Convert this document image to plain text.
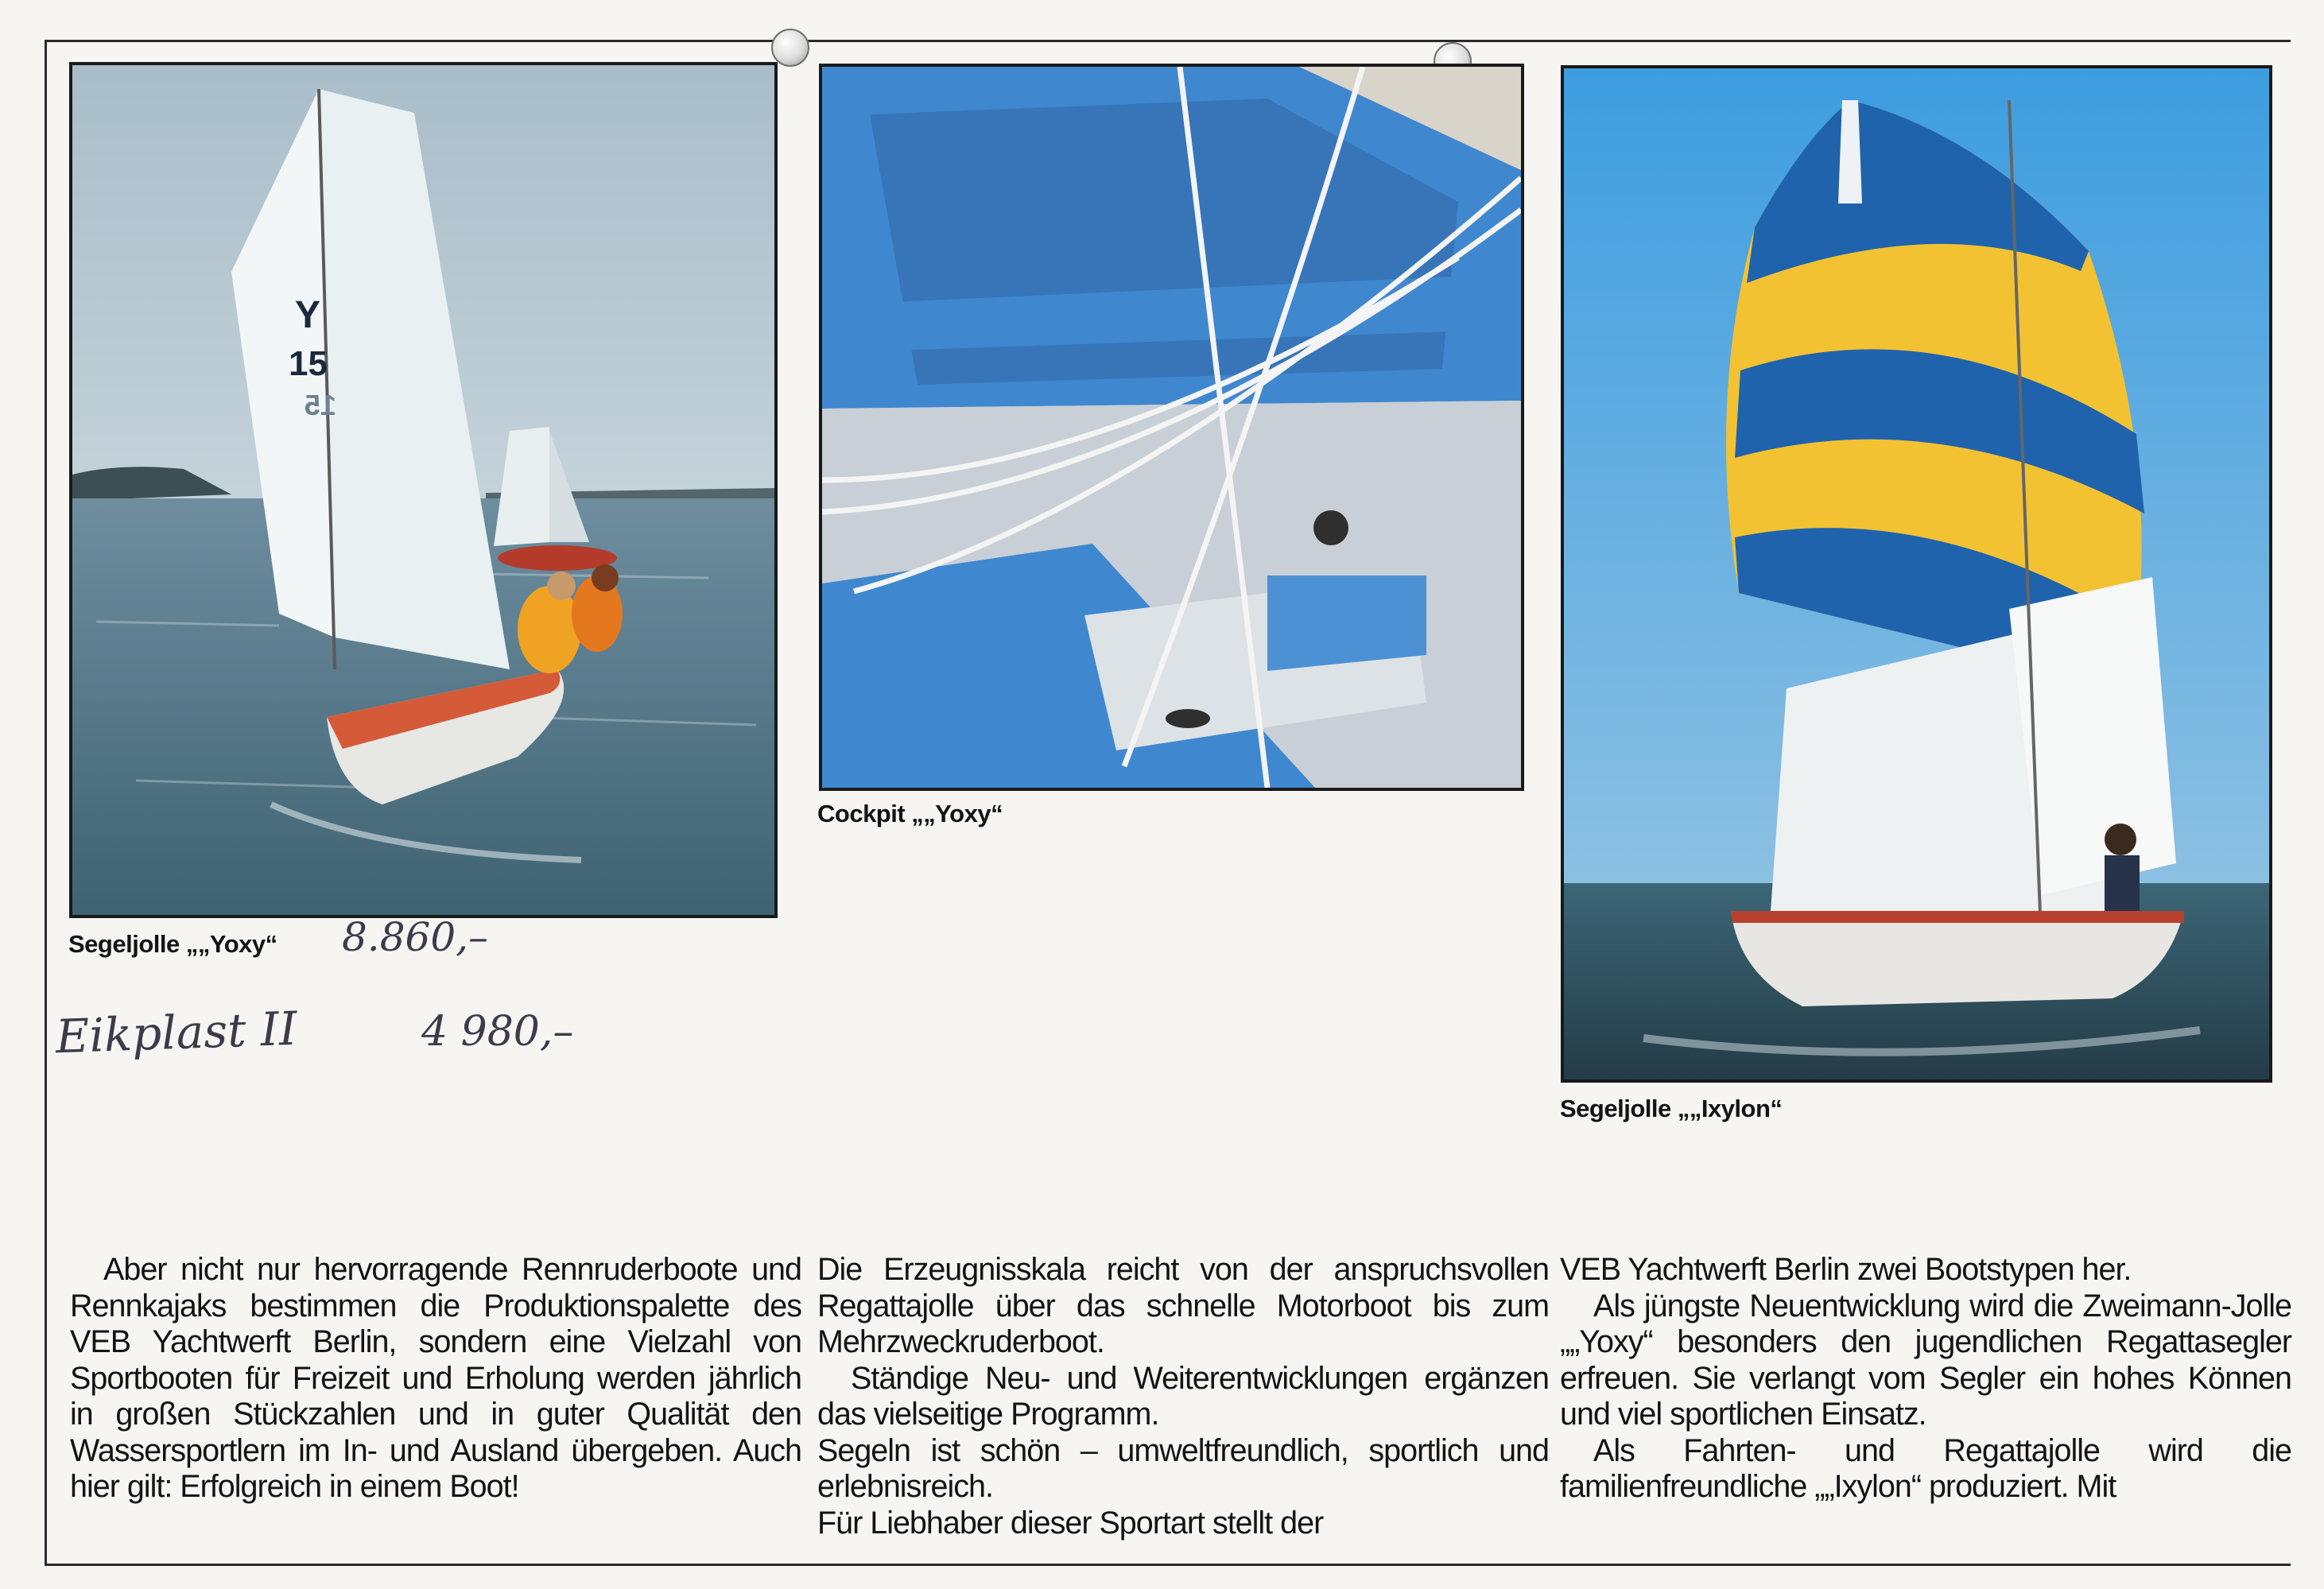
Y
15
15
Segeljolle „„Yoxy“
Cockpit „„Yoxy“
Segeljolle „„Ixylon“
8.860,–
Eikplast II	4 980,–

Aber nicht nur hervorragende Rennruderboote und Rennkajaks bestimmen die Produktionspalette des VEB Yachtwerft Berlin, sondern eine Vielzahl von Sportbooten für Freizeit und Erholung werden jährlich in großen Stückzahlen und in guter Qualität den Wassersportlern im In- und Ausland übergeben. Auch hier gilt: Erfolgreich in einem Boot!

Die Erzeugnisskala reicht von der anspruchsvollen Regattajolle über das schnelle Motorboot bis zum Mehrzweckruderboot.

Ständige Neu- und Weiterentwicklungen ergänzen das vielseitige Programm.

Segeln ist schön – umweltfreundlich, sportlich und erlebnisreich.

Für Liebhaber dieser Sportart stellt der

VEB Yachtwerft Berlin zwei Bootstypen her.

Als jüngste Neuentwicklung wird die Zweimann-Jolle „„Yoxy“ besonders den jugendlichen Regattasegler erfreuen. Sie verlangt vom Segler ein hohes Können und viel sportlichen Einsatz.

Als Fahrten- und Regattajolle wird die familienfreundliche „„Ixylon“ produziert. Mit
